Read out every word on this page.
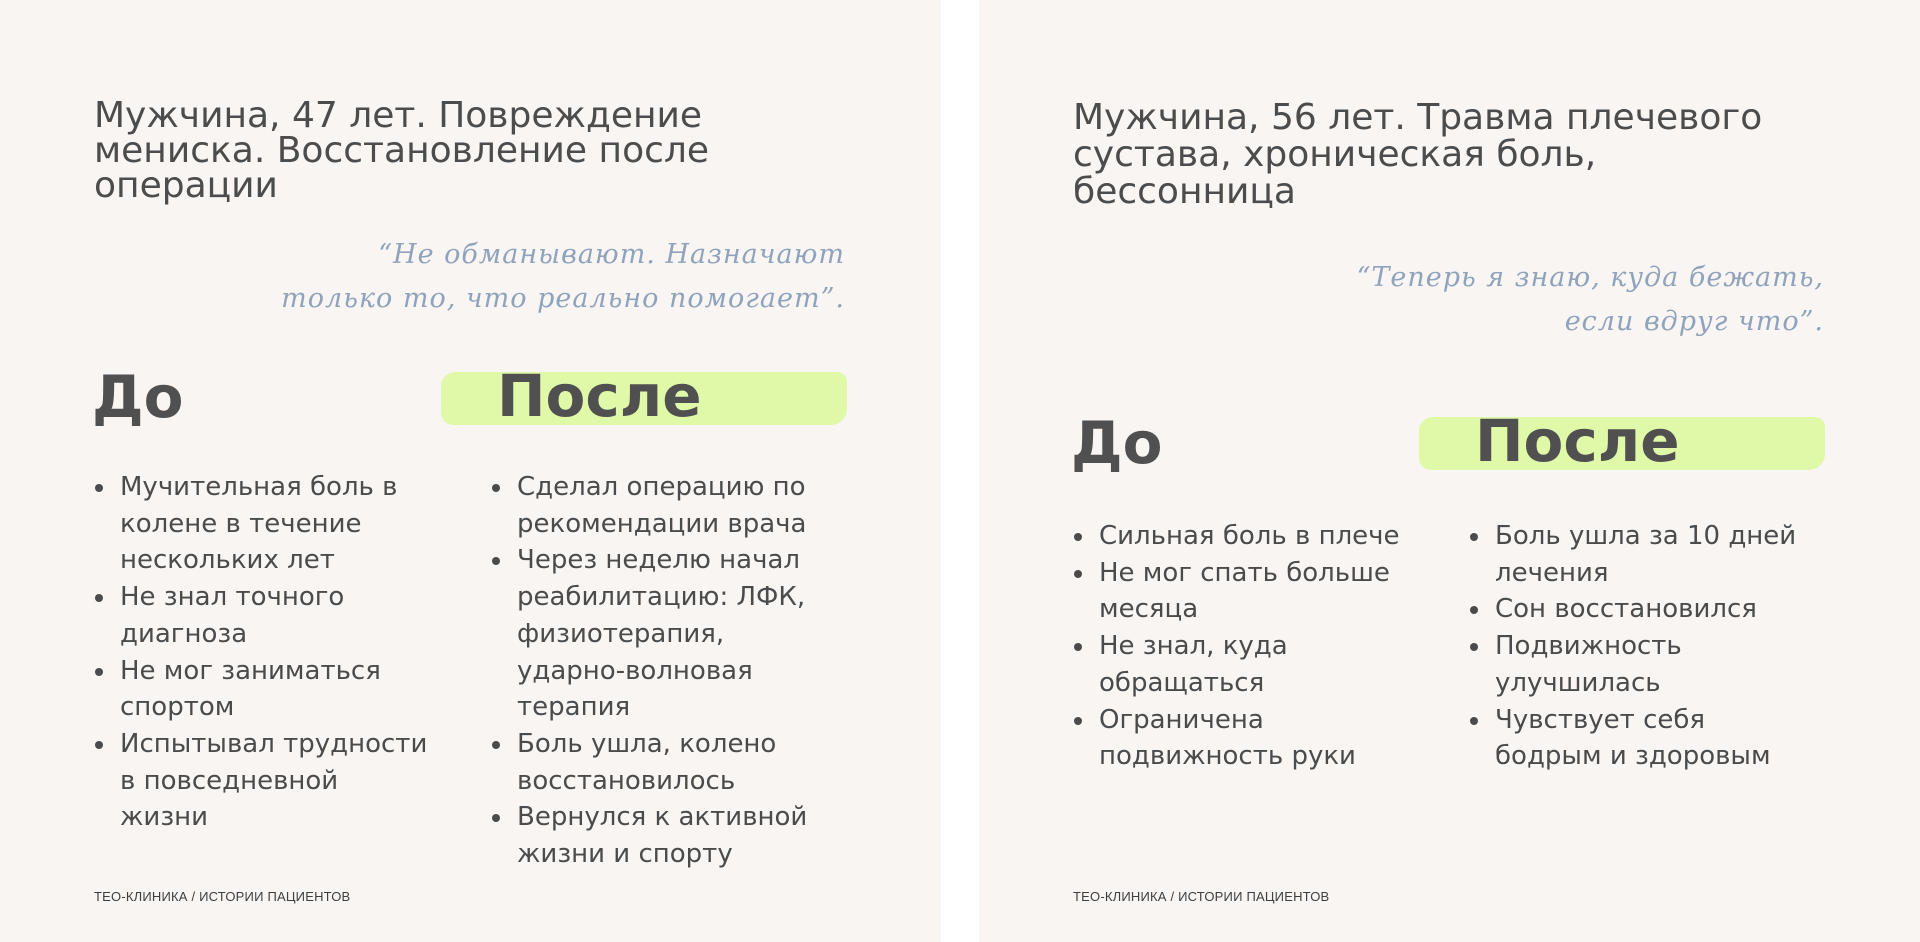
Мужчина, 47 лет. Повреждение
мениска. Восстановление после
операции
“Не обманывают. Назначают
только то, что реально помогает”.
До	После
Мучительная боль в колене в течение нескольких лет
Не знал точного диагноза
Не мог заниматься спортом
Испытывал трудности в повседневной жизни
Сделал операцию по рекомендации врача
Через неделю начал реабилитацию: ЛФК, физиотерапия, ударно-волновая терапия
Боль ушла, колено восстановилось
Вернулся к активной жизни и спорту
ТЕО-КЛИНИКА / ИСТОРИИ ПАЦИЕНТОВ
Мужчина, 56 лет. Травма плечевого
сустава, хроническая боль,
бессонница
“Теперь я знаю, куда бежать,
если вдруг что”.
До	После
Сильная боль в плече
Не мог спать больше месяца
Не знал, куда обращаться
Ограничена подвижность руки
Боль ушла за 10 дней лечения
Сон восстановился
Подвижность улучшилась
Чувствует себя бодрым и здоровым
ТЕО-КЛИНИКА / ИСТОРИИ ПАЦИЕНТОВ
